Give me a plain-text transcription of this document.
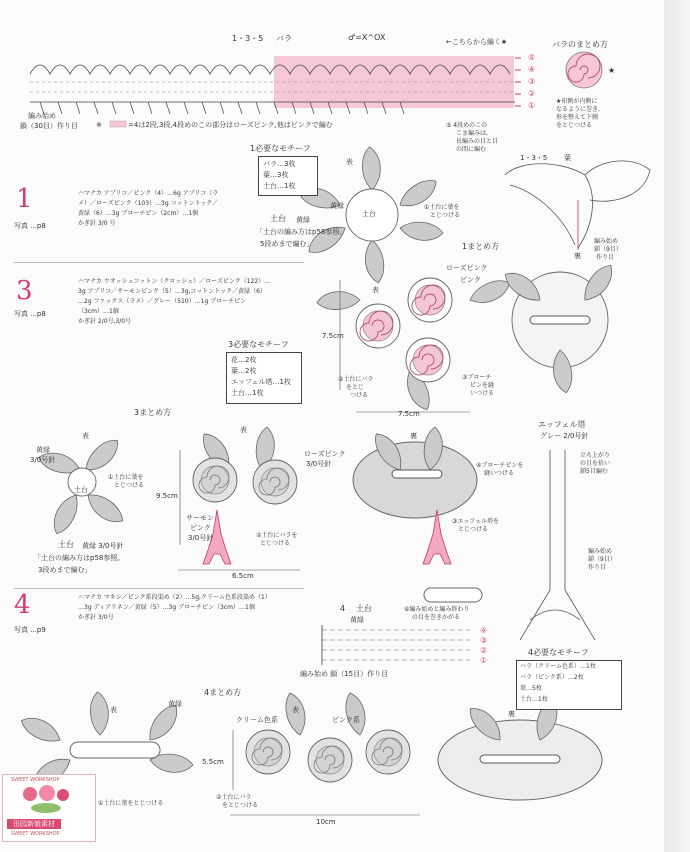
1・3・5 バラ	♂=X^OX	←こちらから編く★
編み始め
鎖（30目）作り目	※	=4は2段,3段,4段めのこの部分はローズピンク,他はピンクで編む
⑤
④
③
②
①
バラのまとめ方
★
★印側が内側に
なるように巻き,
形を整えて下側
をとじつける
⑤ 4段めのこの
こま編みは,
長編みの目と目
の間に編む
1
写真 ...p8
ハマナカ アプリコ／ピンク（4）…6g アプリコ（ラ
メ）／ローズピンク（103）…3g コットントック／
黄緑（6）…3g ブローチピン（2cm）…1個
かぎ針 3/0 号
1必要なモチーフ
バラ…3枚
葉…3枚
土台…1枚
土台 黄緑
「土台の編み方はp58参照。
5段めまで編む」
表
黄緑
土台
①土台に葉を
とじつける
1まとめ方
ローズピンク
ピンク
表
裏
7.5cm
7.5cm
②土台にバラ
をとじ
つける
③ブローチ
ピンを縫
いつける
1・3・5 葉
編み始め
鎖（9目）
作り目
3
写真 ...p8
ハマナカ ウオッシュコットン（クロッシェ）／ローズピンク（122）…
3g アプリコ／サーモンピンク（5）…3g,コットントック／黄緑（6）
…2g ファックス（ラメ）／グレー（510）…1g ブローチピン
（3cm）…1個
かぎ針 2/0号,3/0号
3必要なモチーフ
花…2枚
葉…2枚
エッフェル塔…1枚
土台…1枚
3まとめ方
表
表
裏
黄緑
3/0号針
①土台に葉を
とじつける
土台
土台 黄緑 3/0号針
「土台の編み方はp58参照。
3段めまで編む」
ローズピンク
3/0号針
9.5cm
サーモン
ピンク
3/0号針	②土台にバラを
とじつける
6.5cm
④ブローチピンを
縫いつける
③エッフェル塔を
とじつける
エッフェル塔
グレー 2/0号針
立ち上がり
の目を拾い
鎖5目編む
編み始め
鎖（9目）
作り目
4
写真 ...p9
ハマナカ マキシ／ピンク系段染め（2）…5g,クリーム色系段染め（1）
…3g ディアリネン／黄緑（5）…3g ブローチピン（3cm）…1個
かぎ針 3/0号
4 土台
黄緑
⑥編み始めと編み終わり
の目を巻きかがる
④
③
②
①
編み始め 鎖（15目）作り目
4必要なモチーフ
バラ（クリーム色系）…1枚
バラ（ピンク系）…2枚
葉…5枚
土台…1枚
4まとめ方
表
黄緑
クリーム色系
表
ピンク系
裏
5.5cm
10cm
①土台に葉をとじつける
②土台にバラ
をとじつける
SWEET WORKSHOP
田园新娘素材
SWEET WORKSHOP
